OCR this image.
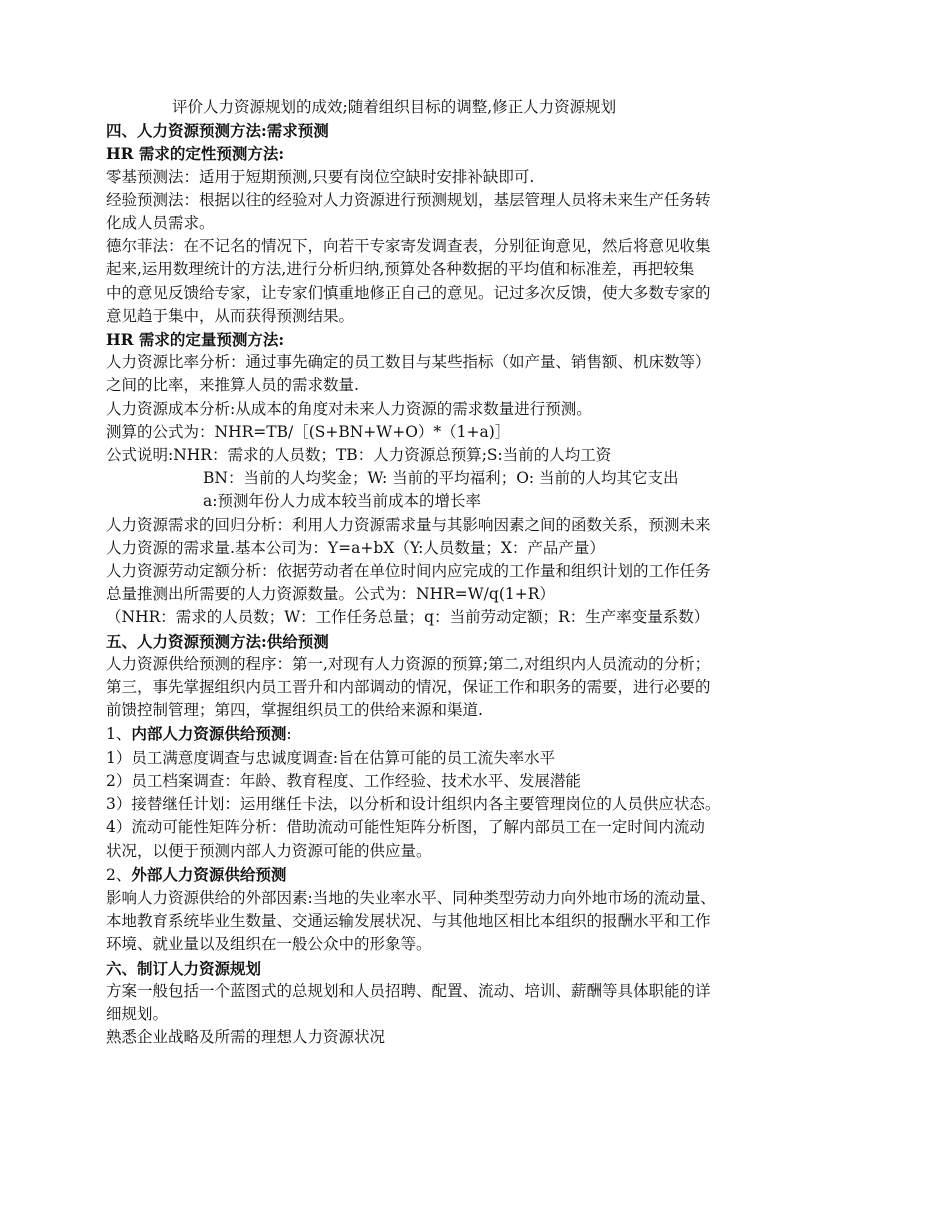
评价人力资源规划的成效;随着组织目标的调整,修正人力资源规划
四、人力资源预测方法:需求预测
HR 需求的定性预测方法:
零基预测法：适用于短期预测,只要有岗位空缺时安排补缺即可.
经验预测法：根据以往的经验对人力资源进行预测规划，基层管理人员将未来生产任务转
化成人员需求。
德尔菲法：在不记名的情况下，向若干专家寄发调查表，分别征询意见，然后将意见收集
起来,运用数理统计的方法,进行分析归纳,预算处各种数据的平均值和标准差，再把较集
中的意见反馈给专家，让专家们慎重地修正自己的意见。记过多次反馈，使大多数专家的
意见趋于集中，从而获得预测结果。
HR 需求的定量预测方法:
人力资源比率分析：通过事先确定的员工数目与某些指标（如产量、销售额、机床数等）
之间的比率，来推算人员的需求数量.
人力资源成本分析:从成本的角度对未来人力资源的需求数量进行预测。
测算的公式为：NHR=TB/［(S+BN+W+O）*（1+a)］
公式说明:NHR：需求的人员数；TB：人力资源总预算;S:当前的人均工资
BN：当前的人均奖金；W: 当前的平均福利；O: 当前的人均其它支出
a:预测年份人力成本较当前成本的增长率
人力资源需求的回归分析：利用人力资源需求量与其影响因素之间的函数关系，预测未来
人力资源的需求量.基本公司为：Y=a+bX（Y:人员数量；X：产品产量）
人力资源劳动定额分析：依据劳动者在单位时间内应完成的工作量和组织计划的工作任务
总量推测出所需要的人力资源数量。公式为：NHR=W/q(1+R）
（NHR：需求的人员数；W：工作任务总量；q：当前劳动定额；R：生产率变量系数）
五、人力资源预测方法:供给预测
人力资源供给预测的程序：第一,对现有人力资源的预算;第二,对组织内人员流动的分析；
第三，事先掌握组织内员工晋升和内部调动的情况，保证工作和职务的需要，进行必要的
前馈控制管理；第四，掌握组织员工的供给来源和渠道.
1、内部人力资源供给预测:
1）员工满意度调查与忠诚度调查:旨在估算可能的员工流失率水平
2）员工档案调查：年龄、教育程度、工作经验、技术水平、发展潜能
3）接替继任计划：运用继任卡法，以分析和设计组织内各主要管理岗位的人员供应状态。
4）流动可能性矩阵分析：借助流动可能性矩阵分析图，了解内部员工在一定时间内流动
状况，以便于预测内部人力资源可能的供应量。
2、外部人力资源供给预测
影响人力资源供给的外部因素:当地的失业率水平、同种类型劳动力向外地市场的流动量、
本地教育系统毕业生数量、交通运输发展状况、与其他地区相比本组织的报酬水平和工作
环境、就业量以及组织在一般公众中的形象等。
六、制订人力资源规划
方案一般包括一个蓝图式的总规划和人员招聘、配置、流动、培训、薪酬等具体职能的详
细规划。
熟悉企业战略及所需的理想人力资源状况
